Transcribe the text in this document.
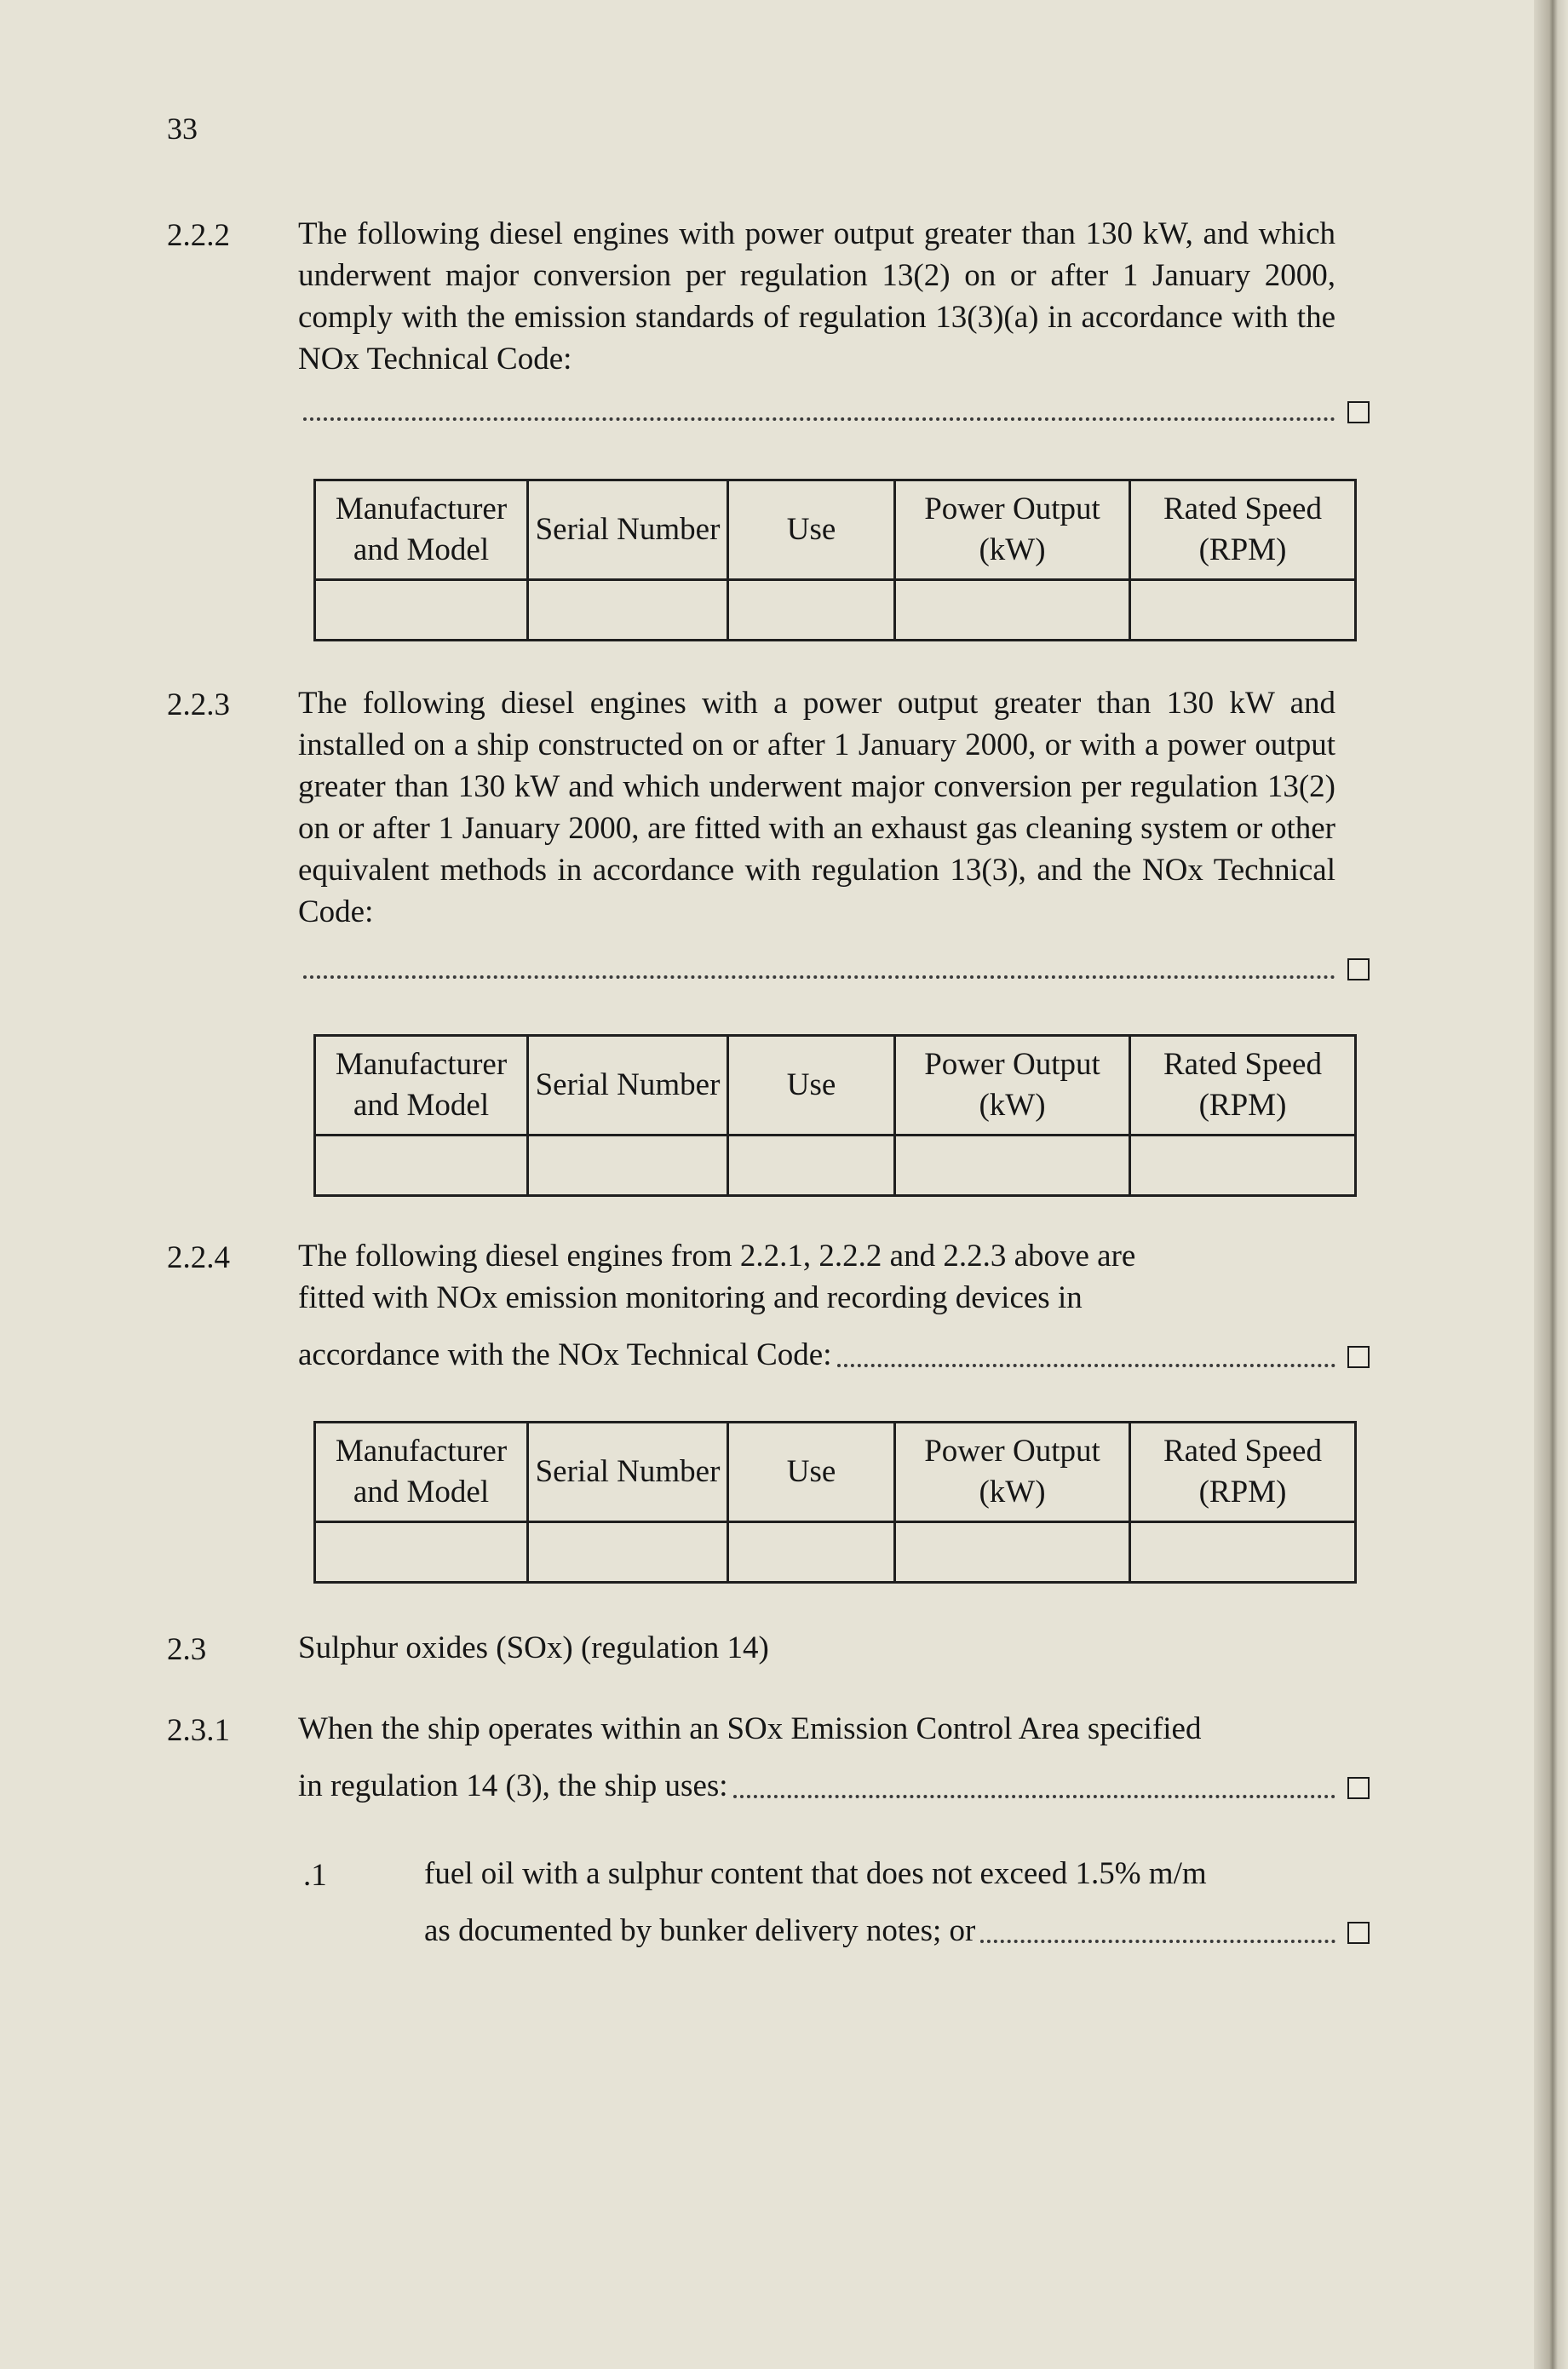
33
2.2.2 The following diesel engines with power output greater than 130 kW, and which underwent major conversion per regulation 13(2) on or after 1 January 2000, comply with the emission standards of regulation 13(3)(a) in accordance with the NOx Technical Code:
Manufacturer and Model	Serial Number	Use	Power Output (kW)	Rated Speed (RPM)

2.2.3 The following diesel engines with a power output greater than 130 kW and installed on a ship constructed on or after 1 January 2000, or with a power output greater than 130 kW and which underwent major conversion per regulation 13(2) on or after 1 January 2000, are fitted with an exhaust gas cleaning system or other equivalent methods in accordance with regulation 13(3), and the NOx Technical Code:
Manufacturer and Model	Serial Number	Use	Power Output (kW)	Rated Speed (RPM)

2.2.4 The following diesel engines from 2.2.1, 2.2.2 and 2.2.3 above are
fitted with NOx emission monitoring and recording devices in
accordance with the NOx Technical Code:
Manufacturer and Model	Serial Number	Use	Power Output (kW)	Rated Speed (RPM)

2.3	Sulphur oxides (SOx) (regulation 14)
2.3.1 When the ship operates within an SOx Emission Control Area specified
in regulation 14 (3), the ship uses:
.1	fuel oil with a sulphur content that does not exceed 1.5% m/m
as documented by bunker delivery notes; or
